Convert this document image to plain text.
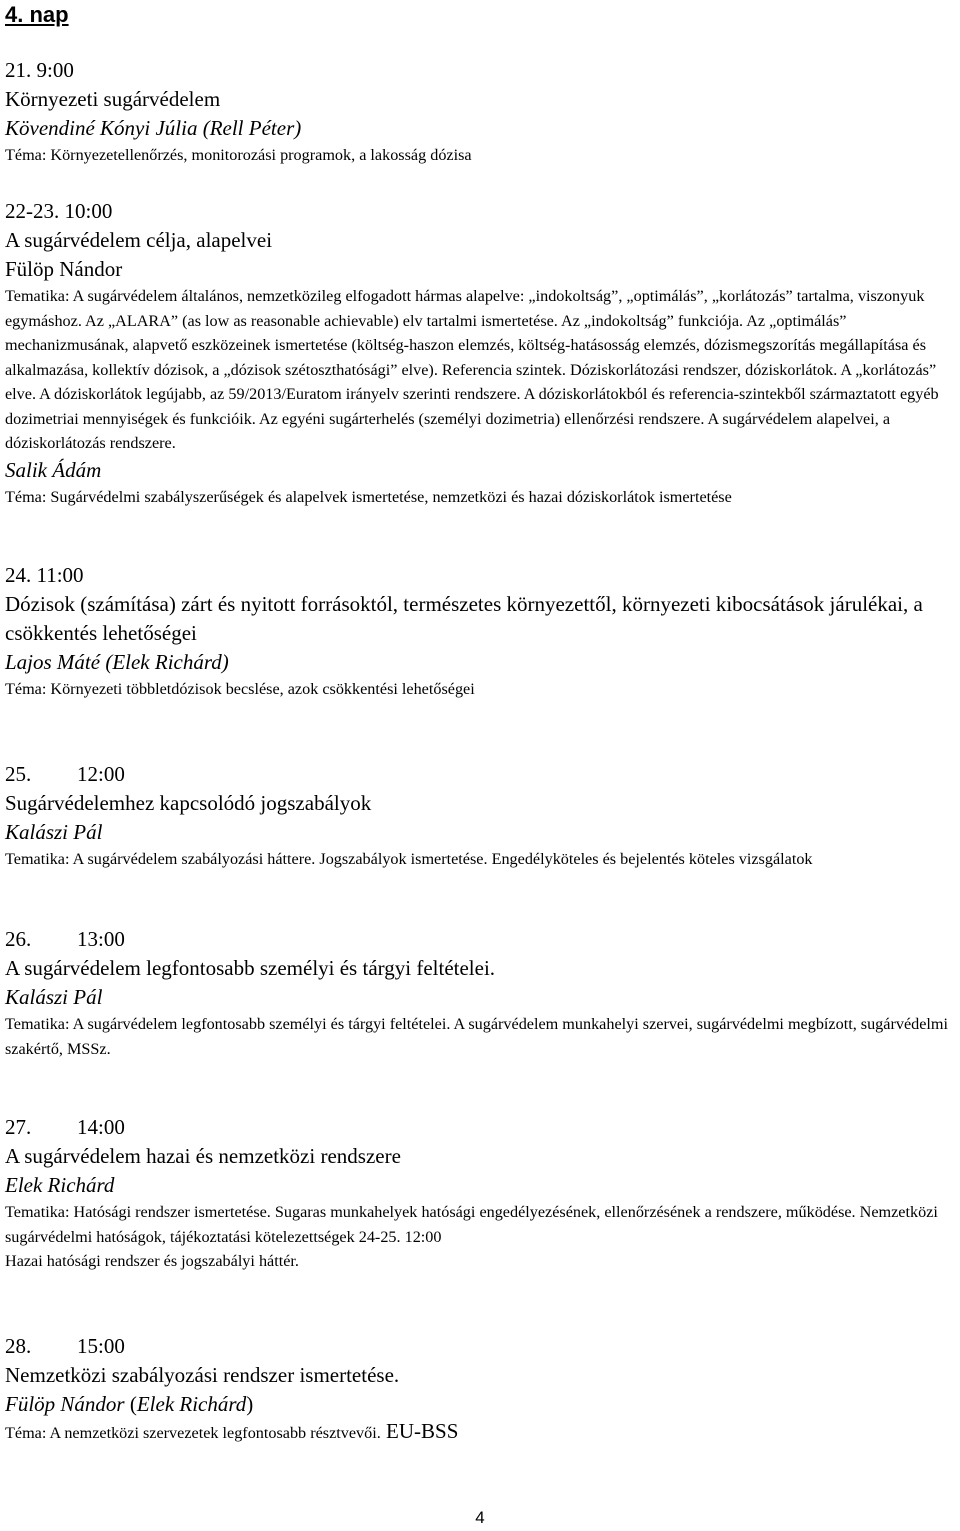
4. nap

21. 9:00

Környezeti sugárvédelem

Kövendiné Kónyi Júlia (Rell Péter)

Téma: Környezetellenőrzés, monitorozási programok, a lakosság dózisa

22-23. 10:00

A sugárvédelem célja, alapelvei

Fülöp Nándor

Tematika: A sugárvédelem általános, nemzetközileg elfogadott hármas alapelve: „indokoltság”, „optimálás”, „korlátozás” tartalma, viszonyuk egymáshoz. Az „ALARA” (as low as reasonable achievable) elv tartalmi ismertetése. Az „indokoltság” funkciója. Az „optimálás” mechanizmusának, alapvető eszközeinek ismertetése (költség-haszon elemzés, költség-hatásosság elemzés, dózismegszorítás megállapítása és alkalmazása, kollektív dózisok, a „dózisok szétoszthatósági” elve). Referencia szintek. Dóziskorlátozási rendszer, dóziskorlátok. A „korlátozás” elve. A dóziskorlátok legújabb, az 59/2013/Euratom irányelv szerinti rendszere. A dóziskorlátokból és referencia-szintekből származtatott egyéb dozimetriai mennyiségek és funkcióik. Az egyéni sugárterhelés (személyi dozimetria) ellenőrzési rendszere. A sugárvédelem alapelvei, a dóziskorlátozás rendszere.

Salik Ádám

Téma: Sugárvédelmi szabályszerűségek és alapelvek ismertetése, nemzetközi és hazai dóziskorlátok ismertetése

24. 11:00

Dózisok (számítása) zárt és nyitott forrásoktól, természetes környezettől, környezeti kibocsátások járulékai, a csökkentés lehetőségei

Lajos Máté (Elek Richárd)

Téma: Környezeti többletdózisok becslése, azok csökkentési lehetőségei

25. 12:00

Sugárvédelemhez kapcsolódó jogszabályok

Kalászi Pál

Tematika: A sugárvédelem szabályozási háttere. Jogszabályok ismertetése. Engedélyköteles és bejelentés köteles vizsgálatok

26. 13:00

A sugárvédelem legfontosabb személyi és tárgyi feltételei.

Kalászi Pál

Tematika: A sugárvédelem legfontosabb személyi és tárgyi feltételei. A sugárvédelem munkahelyi szervei, sugárvédelmi megbízott, sugárvédelmi szakértő, MSSz.

27. 14:00

A sugárvédelem hazai és nemzetközi rendszere

Elek Richárd

Tematika: Hatósági rendszer ismertetése. Sugaras munkahelyek hatósági engedélyezésének, ellenőrzésének a rendszere, működése. Nemzetközi sugárvédelmi hatóságok, tájékoztatási kötelezettségek 24-25. 12:00

Hazai hatósági rendszer és jogszabályi háttér.

28. 15:00

Nemzetközi szabályozási rendszer ismertetése.

Fülöp Nándor (Elek Richárd)

Téma: A nemzetközi szervezetek legfontosabb résztvevői. EU-BSS

4
